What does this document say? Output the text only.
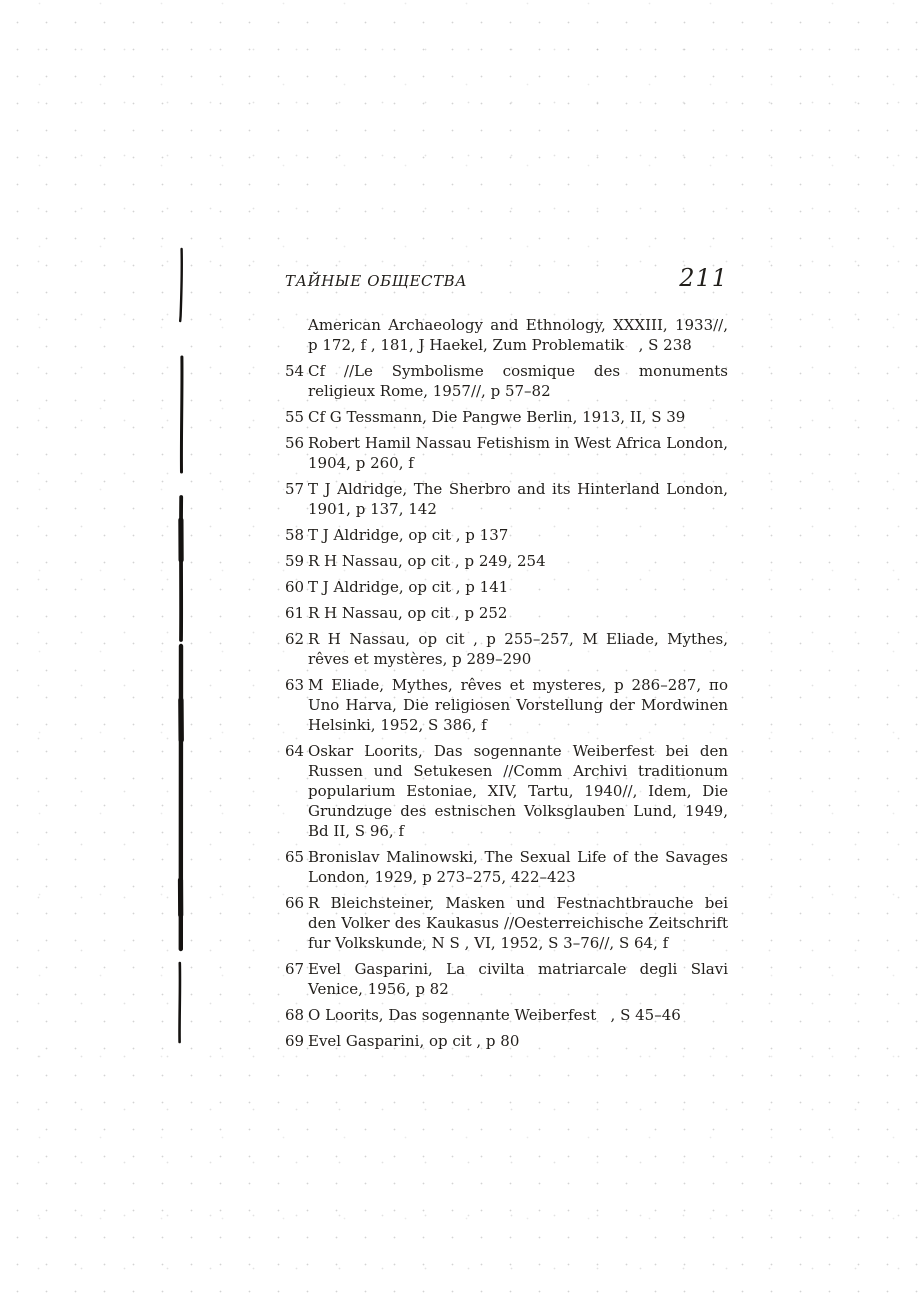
ТАЙНЫЕ ОБЩЕСТВА	211
American Archaeology and Ethnology, XXXIII, 1933//, p 172, f , 181, J Haekel, Zum Problematik   , S 238
54 Cf //Le Symbolisme cosmique des monuments religieux Rome, 1957//, p 57–82
55 Cf G Tessmann, Die Pangwe Berlin, 1913, II, S 39
56 Robert Hamil Nassau Fetishism in West Africa London, 1904, p 260, f
57 T J Aldridge, The Sherbro and its Hinterland London, 1901, p 137, 142
58 T J Aldridge, op cit , p 137
59 R H Nassau, op cit , p 249, 254
60 T J Aldridge, op cit , p 141
61 R H Nassau, op cit , p 252
62 R H Nassau, op cit , p 255–257, M Eliade, Mythes, rêves et mystères, p 289–290
63 M Eliade, Mythes, rêves et mysteres, p 286–287, по Uno Harva, Die religiosen Vorstellung der Mordwinen Helsinki, 1952, S 386, f
64 Oskar Loorits, Das sogennante Weiberfest bei den Russen und Setukesen //Comm Archivi traditionum popularium Estoniae, XIV, Tartu, 1940//, Idem, Die Grundzuge des estnischen Volksglauben Lund, 1949, Bd II, S 96, f
65 Bronislav Malinowski, The Sexual Life of the Savages London, 1929, p 273–275, 422–423
66 R Bleichsteiner, Masken und Festnachtbrauche bei den Volker des Kaukasus //Oesterreichische Zeitschrift fur Volkskunde, N S , VI, 1952, S 3–76//, S 64, f
67 Evel Gasparini, La civilta matriarcale degli Slavi Venice, 1956, p 82
68 O Loorits, Das sogennante Weiberfest   , S 45–46
69 Evel Gasparini, op cit , p 80
